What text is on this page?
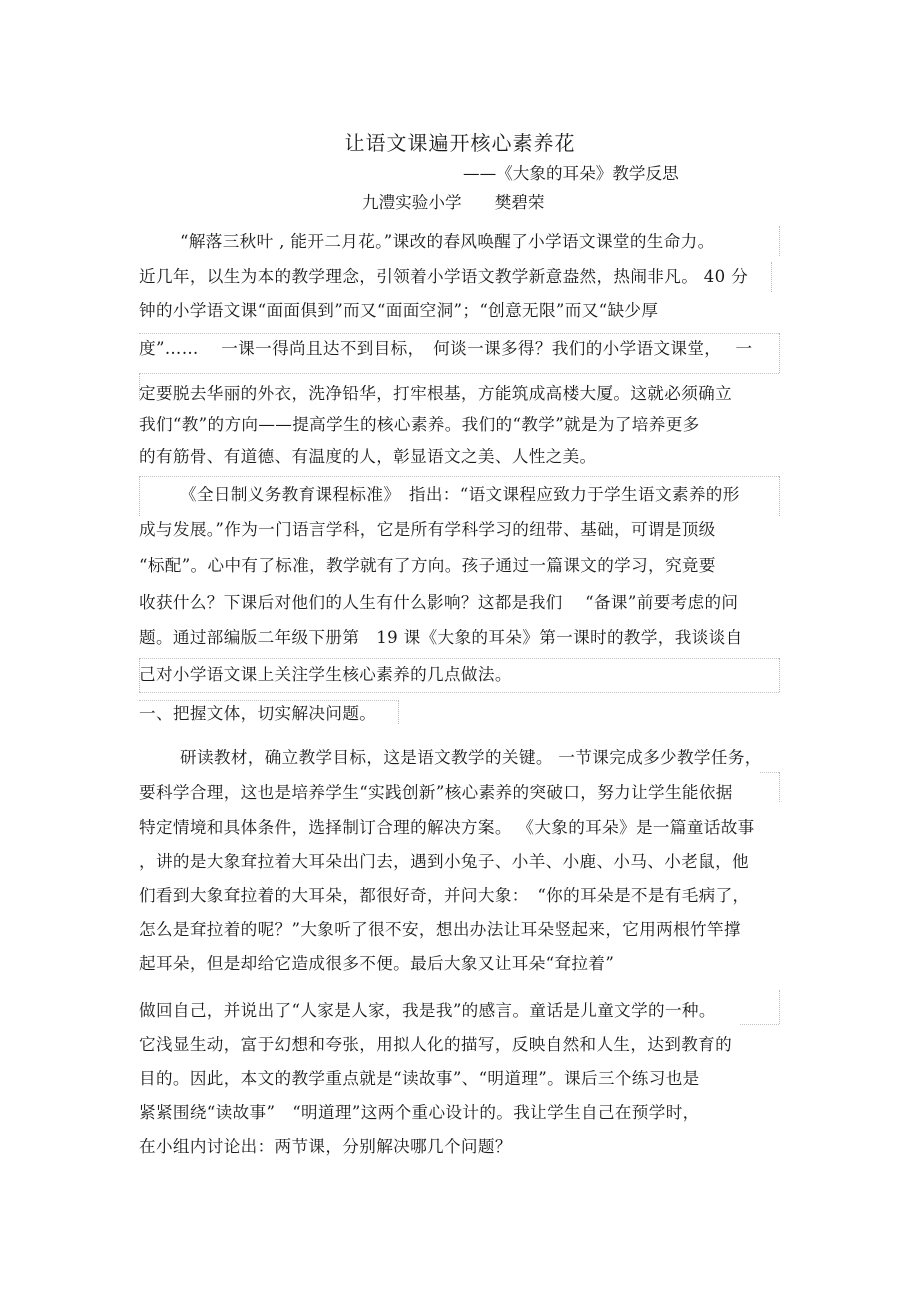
让语文课遍开核心素养花
——《大象的耳朵》教学反思
九澧实验小学　　樊碧荣
“解落三秋叶 , 能开二月花。”课改的春风唤醒了小学语文课堂的生命力。
近几年，以生为本的教学理念，引领着小学语文教学新意盎然，热闹非凡。 40 分
钟的小学语文课“面面俱到”而又“面面空洞”；“创意无限”而又“缺少厚
度”……　 一课一得尚且达不到目标，　何谈一课多得？我们的小学语文课堂，　 一
定要脱去华丽的外衣，洗净铅华，打牢根基，方能筑成高楼大厦。这就必须确立
我们“教”的方向——提高学生的核心素养。我们的“教学”就是为了培养更多
的有筋骨、有道德、有温度的人，彰显语文之美、人性之美。
《全日制义务教育课程标准》　指出：“语文课程应致力于学生语文素养的形
成与发展。”作为一门语言学科，它是所有学科学习的纽带、基础，可谓是顶级
“标配”。心中有了标准，教学就有了方向。孩子通过一篇课文的学习，究竟要
收获什么？下课后对他们的人生有什么影响？这都是我们　 “备课”前要考虑的问
题。通过部编版二年级下册第　19 课《大象的耳朵》第一课时的教学，我谈谈自
己对小学语文课上关注学生核心素养的几点做法。
一、把握文体，切实解决问题。
研读教材，确立教学目标，这是语文教学的关键。 一节课完成多少教学任务，
要科学合理，这也是培养学生“实践创新”核心素养的突破口，努力让学生能依据
特定情境和具体条件，选择制订合理的解决方案。 《大象的耳朵》是一篇童话故事
，讲的是大象耷拉着大耳朵出门去，遇到小兔子、小羊、小鹿、小马、小老鼠，他
们看到大象耷拉着的大耳朵，都很好奇，并问大象：　“你的耳朵是不是有毛病了，
怎么是耷拉着的呢？”大象听了很不安，想出办法让耳朵竖起来，它用两根竹竿撑
起耳朵，但是却给它造成很多不便。最后大象又让耳朵“耷拉着”
做回自己，并说出了“人家是人家，我是我”的感言。童话是儿童文学的一种。
它浅显生动，富于幻想和夸张，用拟人化的描写，反映自然和人生，达到教育的
目的。因此，本文的教学重点就是“读故事”、“明道理”。课后三个练习也是
紧紧围绕“读故事”　“明道理”这两个重心设计的。我让学生自己在预学时，
在小组内讨论出：两节课，分别解决哪几个问题？
